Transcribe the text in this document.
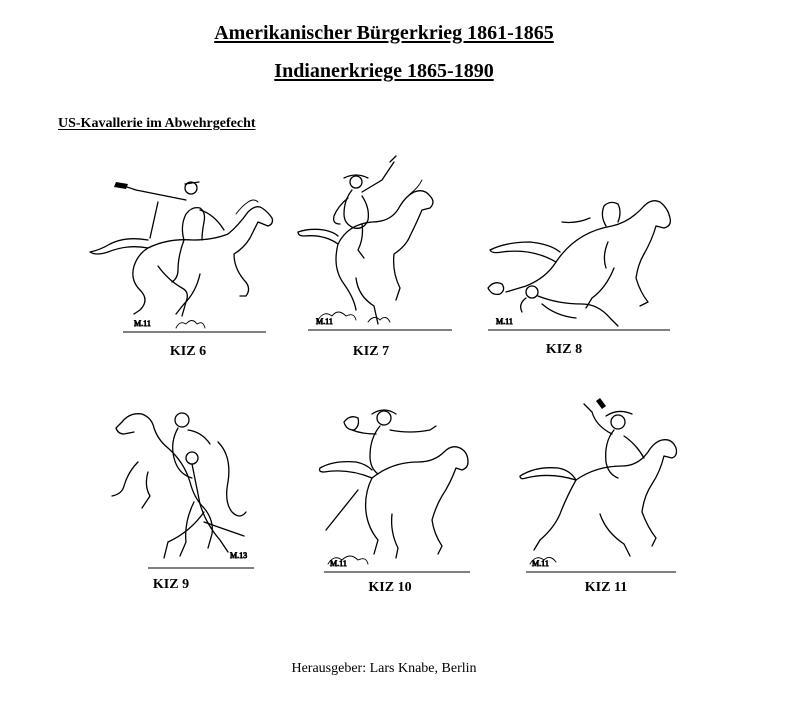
Amerikanischer Bürgerkrieg 1861-1865
Indianerkriege 1865-1890
US-Kavallerie im Abwehrgefecht
M.11
KIZ 6
M.11
KIZ 7
M.11
KIZ 8
M.13
KIZ 9
M.11
KIZ 10
M.11
KIZ 11
Herausgeber: Lars Knabe, Berlin
